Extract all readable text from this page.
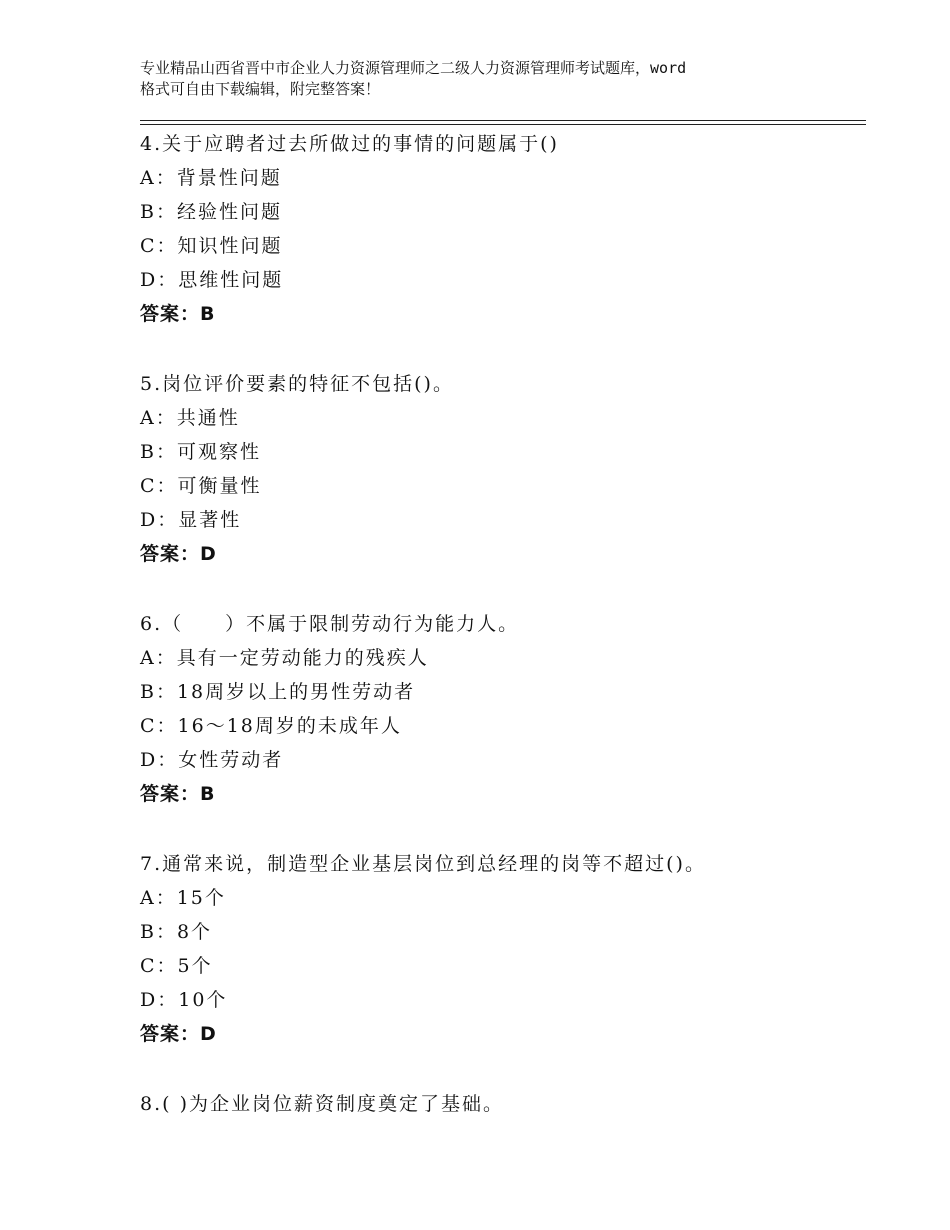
专业精品山西省晋中市企业人力资源管理师之二级人力资源管理师考试题库，word
格式可自由下载编辑，附完整答案！
4.关于应聘者过去所做过的事情的问题属于()
A：背景性问题
B：经验性问题
C：知识性问题
D：思维性问题
答案：B
5.岗位评价要素的特征不包括()。
A：共通性
B：可观察性
C：可衡量性
D：显著性
答案：D
6.（　　）不属于限制劳动行为能力人。
A：具有一定劳动能力的残疾人
B：18周岁以上的男性劳动者
C：16～18周岁的未成年人
D：女性劳动者
答案：B
7.通常来说，制造型企业基层岗位到总经理的岗等不超过()。
A：15个
B：8个
C：5个
D：10个
答案：D
8.( )为企业岗位薪资制度奠定了基础。
